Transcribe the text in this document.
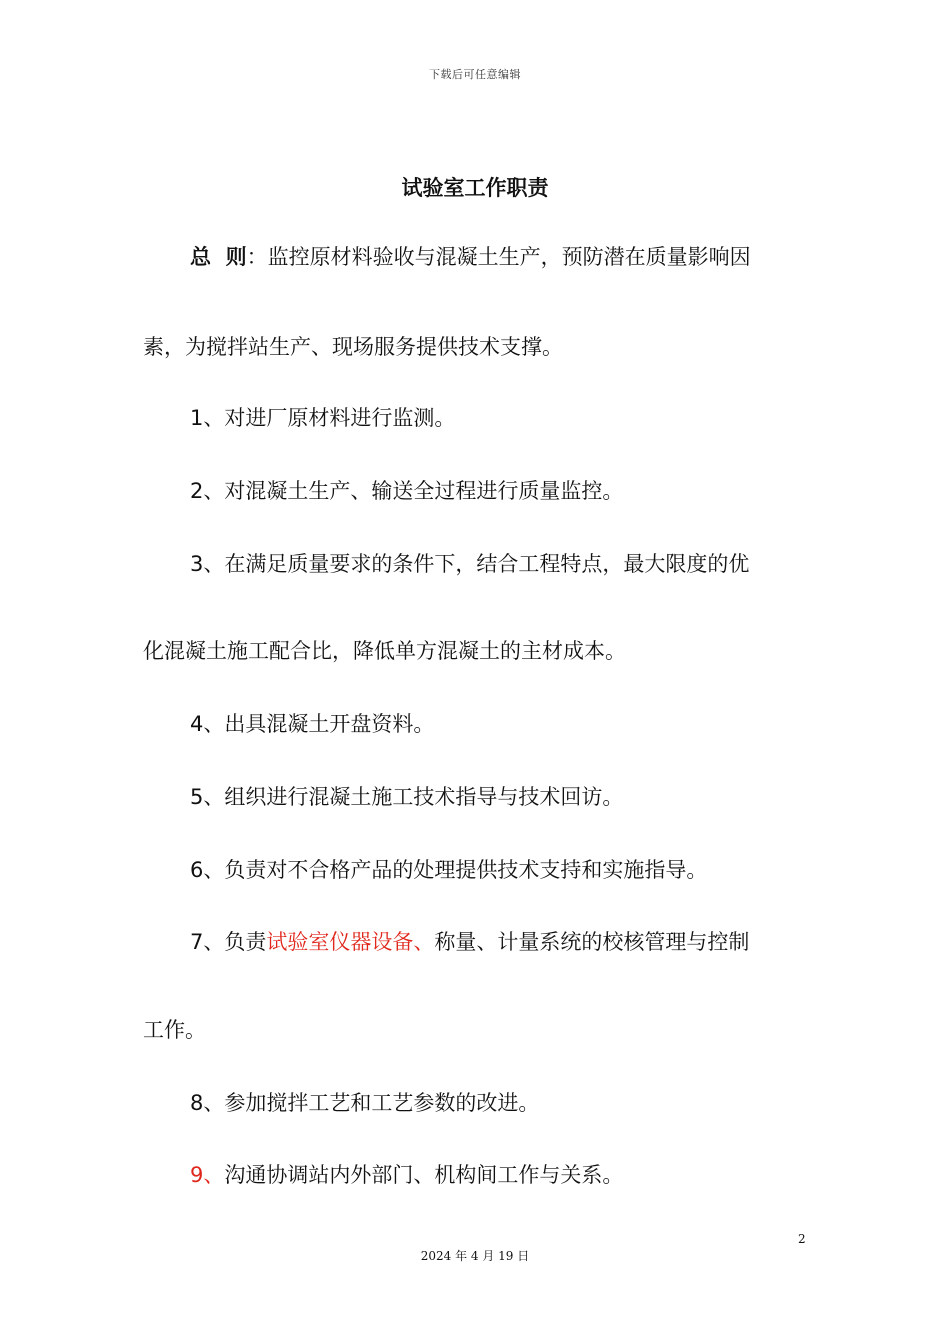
下载后可任意编辑
试验室工作职责
总  则：监控原材料验收与混凝土生产，预防潜在质量影响因
素，为搅拌站生产、现场服务提供技术支撑。
1、对进厂原材料进行监测。
2、对混凝土生产、输送全过程进行质量监控。
3、在满足质量要求的条件下，结合工程特点，最大限度的优
化混凝土施工配合比，降低单方混凝土的主材成本。
4、出具混凝土开盘资料。
5、组织进行混凝土施工技术指导与技术回访。
6、负责对不合格产品的处理提供技术支持和实施指导。
7、负责试验室仪器设备、称量、计量系统的校核管理与控制
工作。
8、参加搅拌工艺和工艺参数的改进。
9、沟通协调站内外部门、机构间工作与关系。
2
2024 年 4 月 19 日
